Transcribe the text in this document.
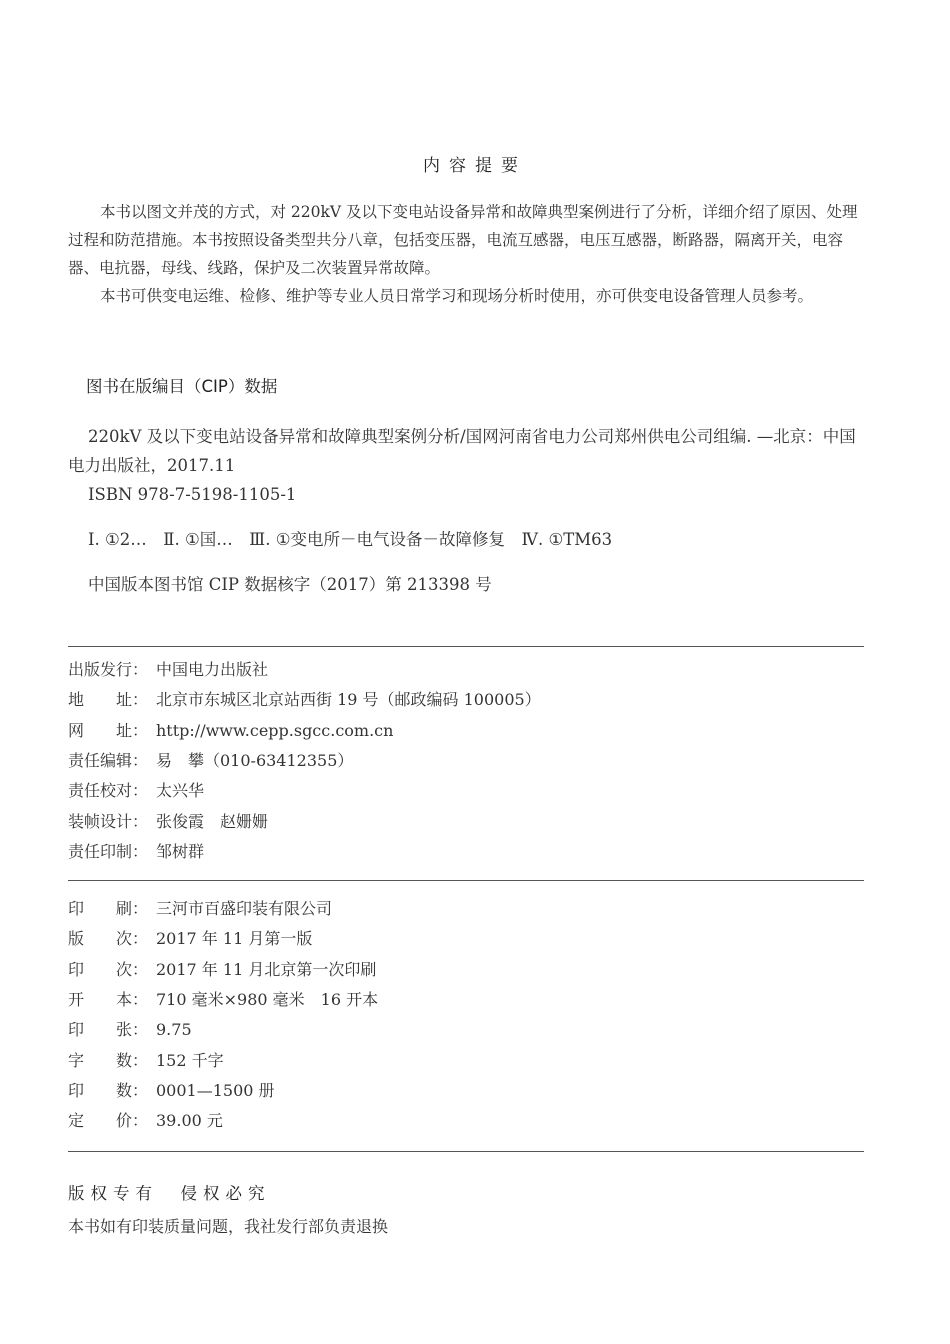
内容提要

本书以图文并茂的方式，对 220kV 及以下变电站设备异常和故障典型案例进行了分析，详细介绍了原因、处理过程和防范措施。本书按照设备类型共分八章，包括变压器，电流互感器，电压互感器，断路器，隔离开关，电容器、电抗器，母线、线路，保护及二次装置异常故障。

本书可供变电运维、检修、维护等专业人员日常学习和现场分析时使用，亦可供变电设备管理人员参考。

图书在版编目（CIP）数据

220kV 及以下变电站设备异常和故障典型案例分析/国网河南省电力公司郑州供电公司组编. —北京：中国电力出版社，2017.11

ISBN 978-7-5198-1105-1

Ⅰ. ①2…　Ⅱ. ①国…　Ⅲ. ①变电所－电气设备－故障修复　Ⅳ. ①TM63
中国版本图书馆 CIP 数据核字（2017）第 213398 号
出版发行： 中国电力出版社
地　　址： 北京市东城区北京站西街 19 号（邮政编码 100005）
网　　址： http://www.cepp.sgcc.com.cn
责任编辑： 易　攀（010-63412355）
责任校对： 太兴华
装帧设计： 张俊霞　赵姗姗
责任印制： 邹树群
印　　刷： 三河市百盛印装有限公司
版　　次： 2017 年 11 月第一版
印　　次： 2017 年 11 月北京第一次印刷
开　　本： 710 毫米×980 毫米　16 开本
印　　张： 9.75
字　　数： 152 千字
印　　数： 0001—1500 册
定　　价： 39.00 元
版权专有　侵权必究
本书如有印装质量问题，我社发行部负责退换
